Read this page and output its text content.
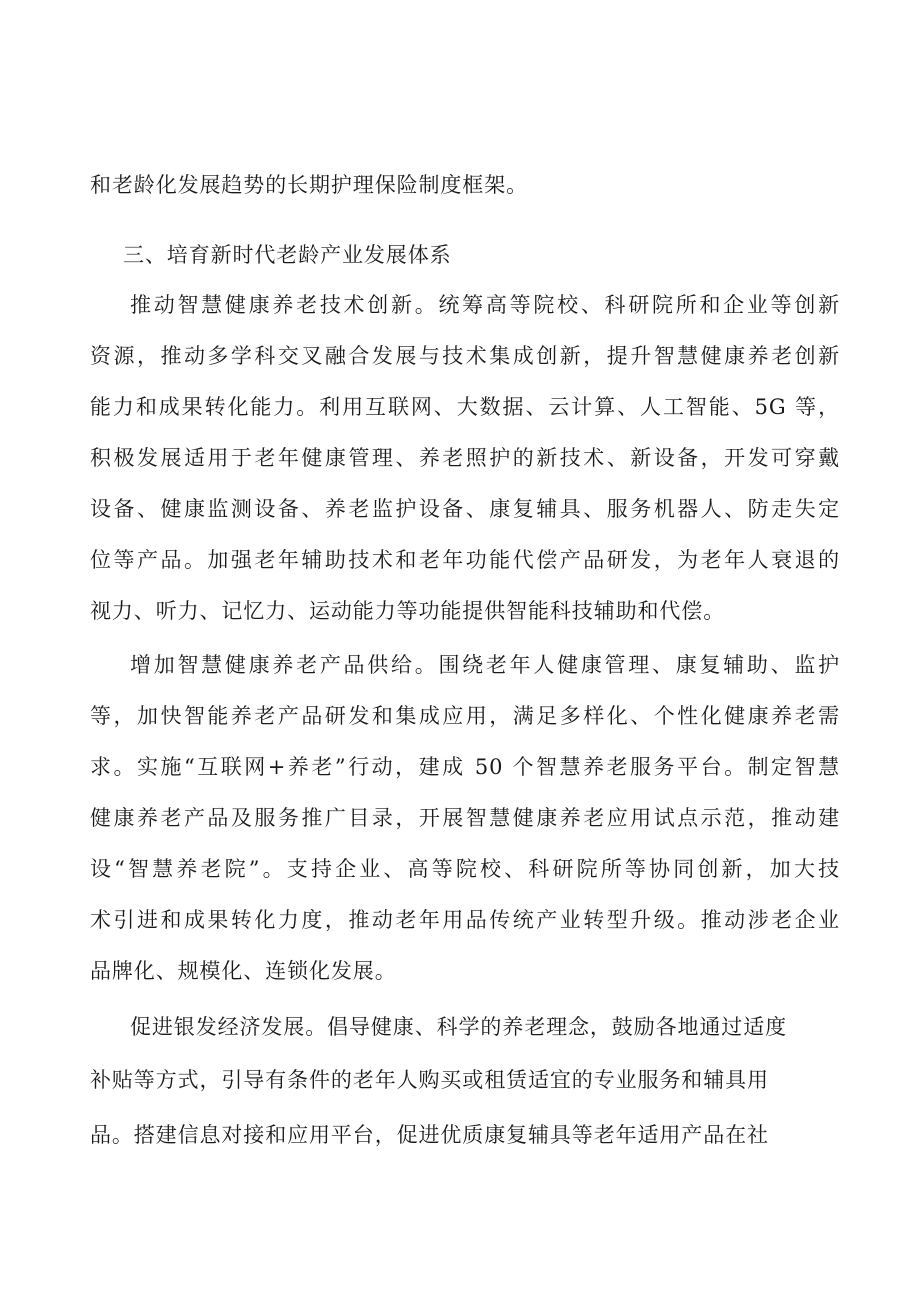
和老龄化发展趋势的长期护理保险制度框架。
三、培育新时代老龄产业发展体系
推动智慧健康养老技术创新。统筹高等院校、科研院所和企业等创新
资源，推动多学科交叉融合发展与技术集成创新，提升智慧健康养老创新
能力和成果转化能力。利用互联网、大数据、云计算、人工智能、5G 等，
积极发展适用于老年健康管理、养老照护的新技术、新设备，开发可穿戴
设备、健康监测设备、养老监护设备、康复辅具、服务机器人、防走失定
位等产品。加强老年辅助技术和老年功能代偿产品研发，为老年人衰退的
视力、听力、记忆力、运动能力等功能提供智能科技辅助和代偿。
增加智慧健康养老产品供给。围绕老年人健康管理、康复辅助、监护
等，加快智能养老产品研发和集成应用，满足多样化、个性化健康养老需
求。实施“互联网+养老”行动，建成 50 个智慧养老服务平台。制定智慧
健康养老产品及服务推广目录，开展智慧健康养老应用试点示范，推动建
设“智慧养老院”。支持企业、高等院校、科研院所等协同创新，加大技
术引进和成果转化力度，推动老年用品传统产业转型升级。推动涉老企业
品牌化、规模化、连锁化发展。
促进银发经济发展。倡导健康、科学的养老理念，鼓励各地通过适度
补贴等方式，引导有条件的老年人购买或租赁适宜的专业服务和辅具用
品。搭建信息对接和应用平台，促进优质康复辅具等老年适用产品在社
